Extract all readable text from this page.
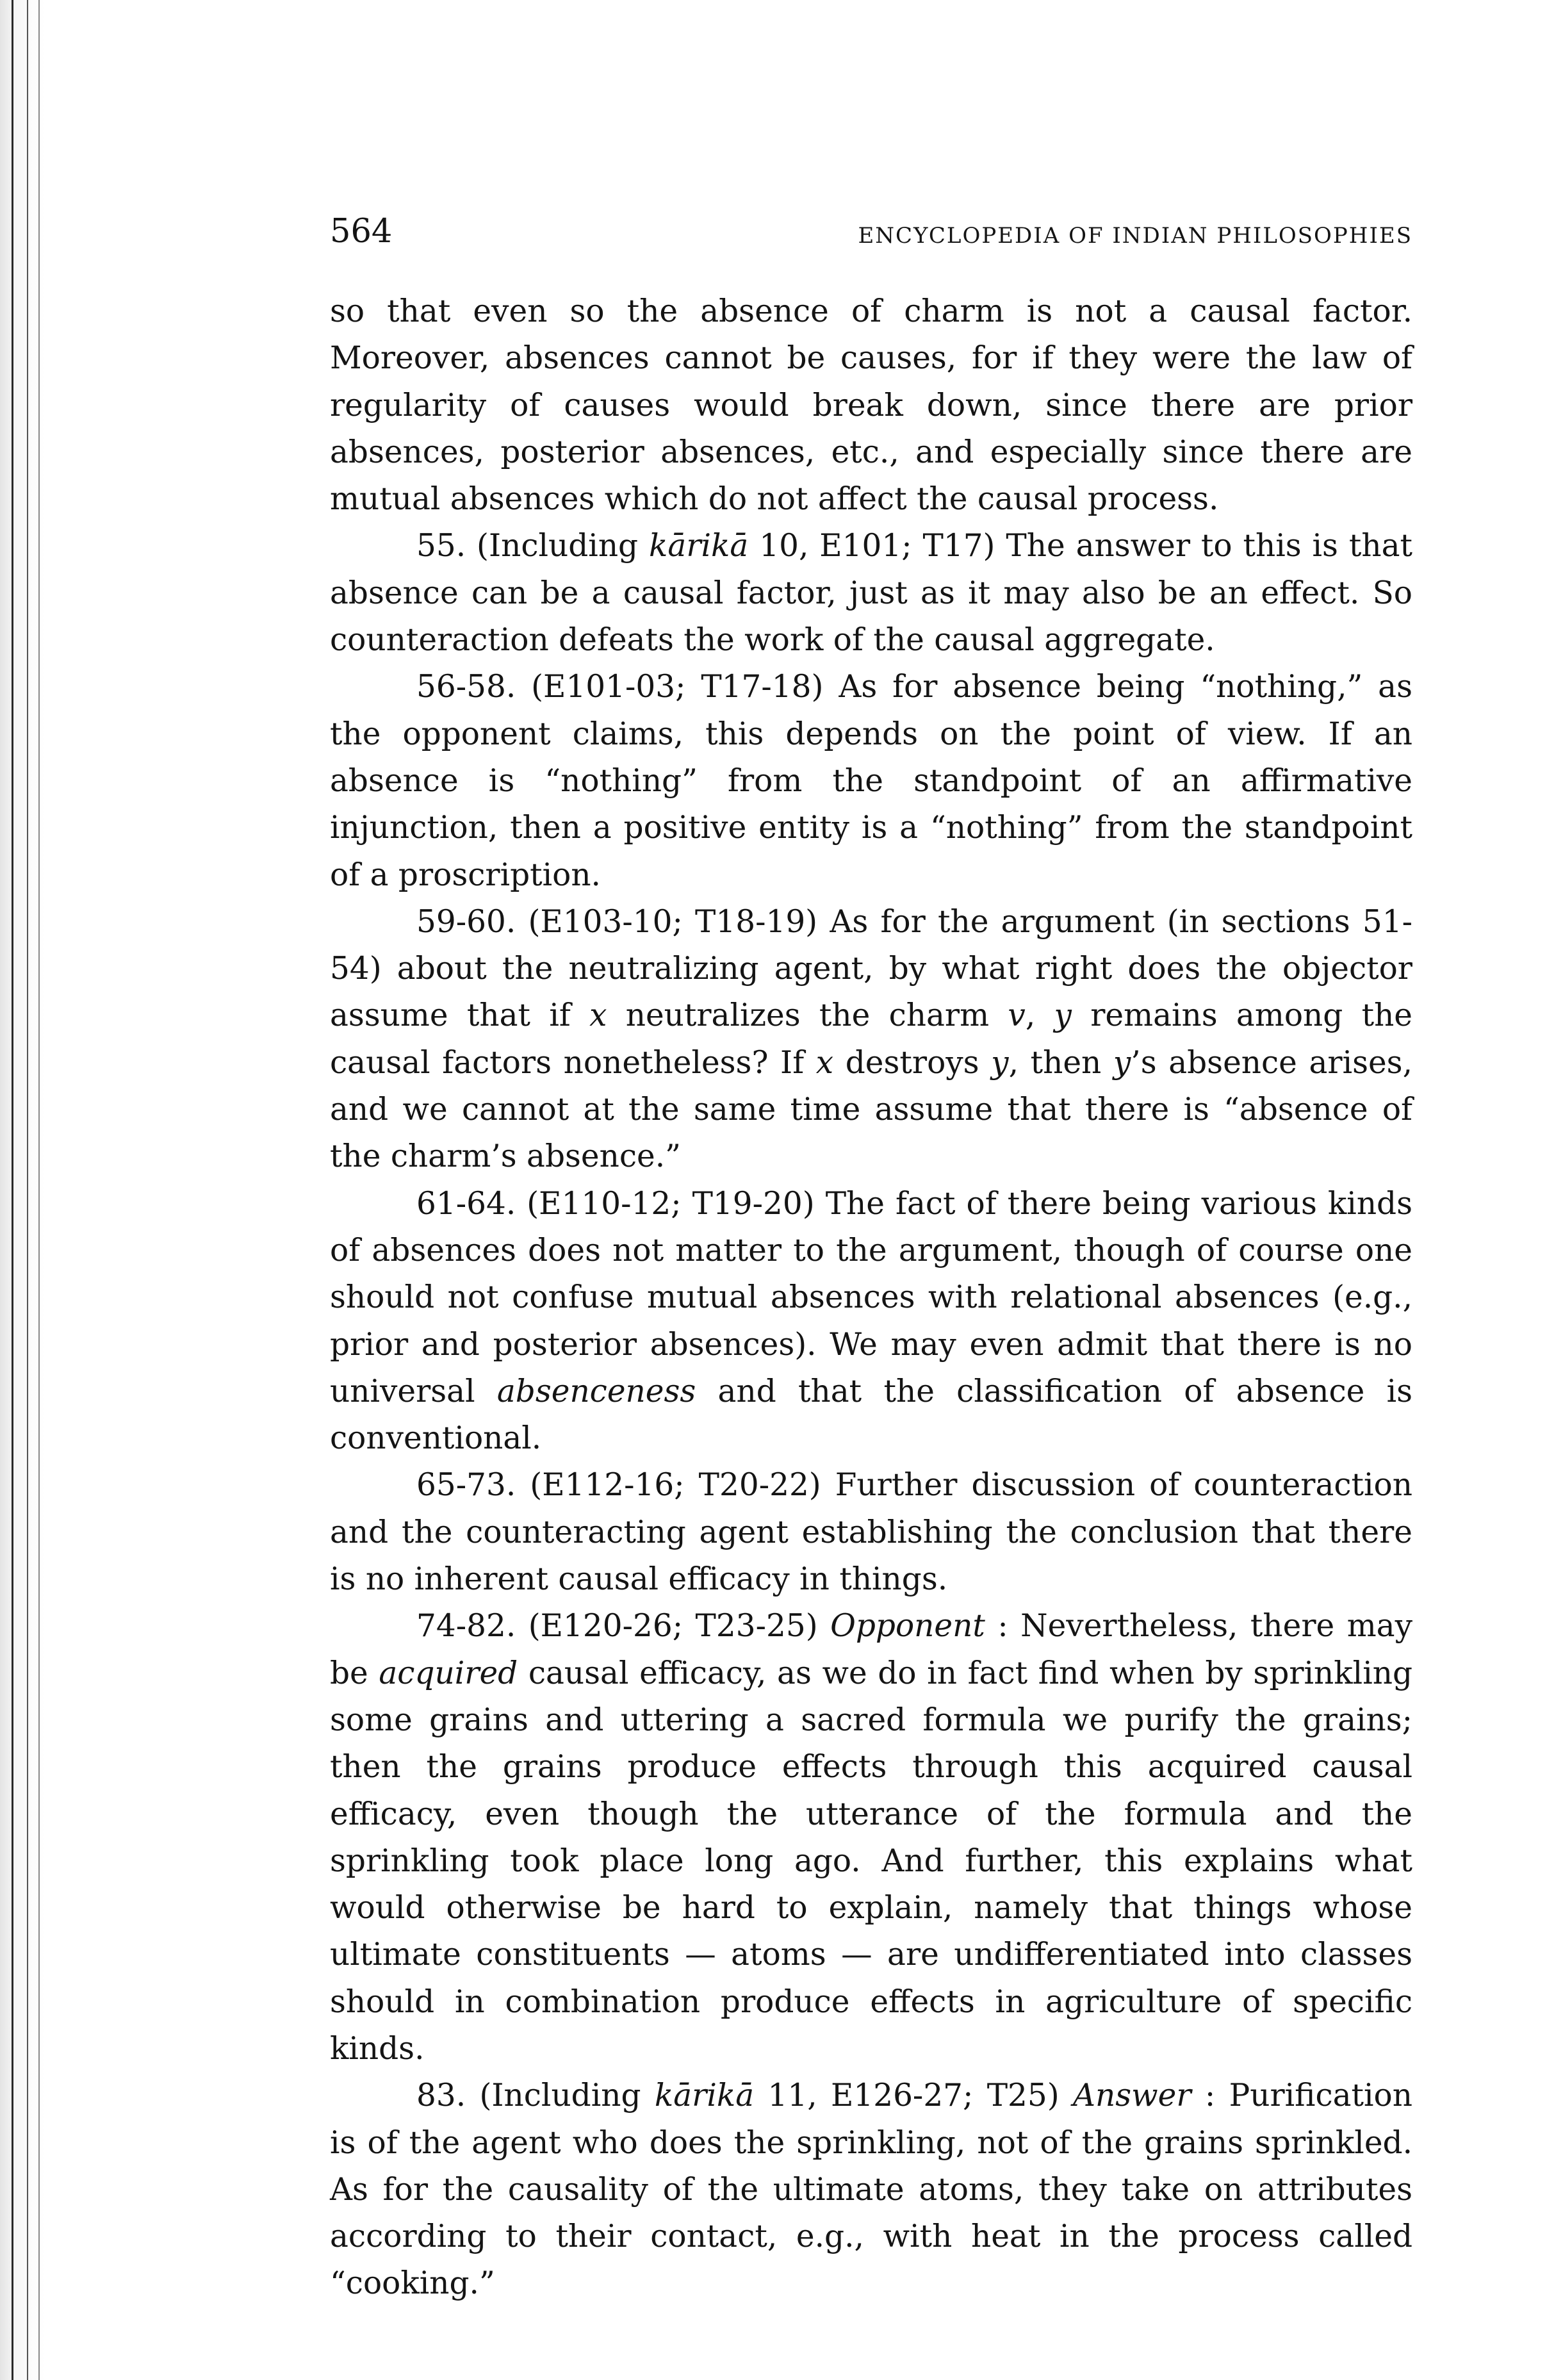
564	ENCYCLOPEDIA OF INDIAN PHILOSOPHIES

so that even so the absence of charm is not a causal factor. Moreover, absences cannot be causes, for if they were the law of regularity of causes would break down, since there are prior absences, posterior absences, etc., and especially since there are mutual absences which do not affect the causal process.

55. (Including kārikā 10, E101; T17) The answer to this is that absence can be a causal factor, just as it may also be an effect. So counteraction defeats the work of the causal aggregate.

56-58. (E101-03; T17-18) As for absence being “nothing,” as the opponent claims, this depends on the point of view. If an absence is “nothing” from the standpoint of an affirmative injunction, then a positive entity is a “nothing” from the standpoint of a proscription.

59-60. (E103-10; T18-19) As for the argument (in sections 51-54) about the neutralizing agent, by what right does the objector assume that if x neutralizes the charm v, y remains among the causal factors nonetheless? If x destroys y, then y’s absence arises, and we cannot at the same time assume that there is “absence of the charm’s absence.”

61-64. (E110-12; T19-20) The fact of there being various kinds of absences does not matter to the argument, though of course one should not confuse mutual absences with relational absences (e.g., prior and posterior absences). We may even admit that there is no universal absenceness and that the classification of absence is conventional.

65-73. (E112-16; T20-22) Further discussion of counteraction and the counteracting agent establishing the conclusion that there is no inherent causal efficacy in things.

74-82. (E120-26; T23-25) Opponent : Nevertheless, there may be acquired causal efficacy, as we do in fact find when by sprinkling some grains and uttering a sacred formula we purify the grains; then the grains produce effects through this acquired causal efficacy, even though the utterance of the formula and the sprinkling took place long ago. And further, this explains what would otherwise be hard to explain, namely that things whose ultimate constituents — atoms — are undifferentiated into classes should in combination produce effects in agriculture of specific kinds.

83. (Including kārikā 11, E126-27; T25) Answer : Purification is of the agent who does the sprinkling, not of the grains sprinkled. As for the causality of the ultimate atoms, they take on attributes according to their contact, e.g., with heat in the process called “cooking.”
